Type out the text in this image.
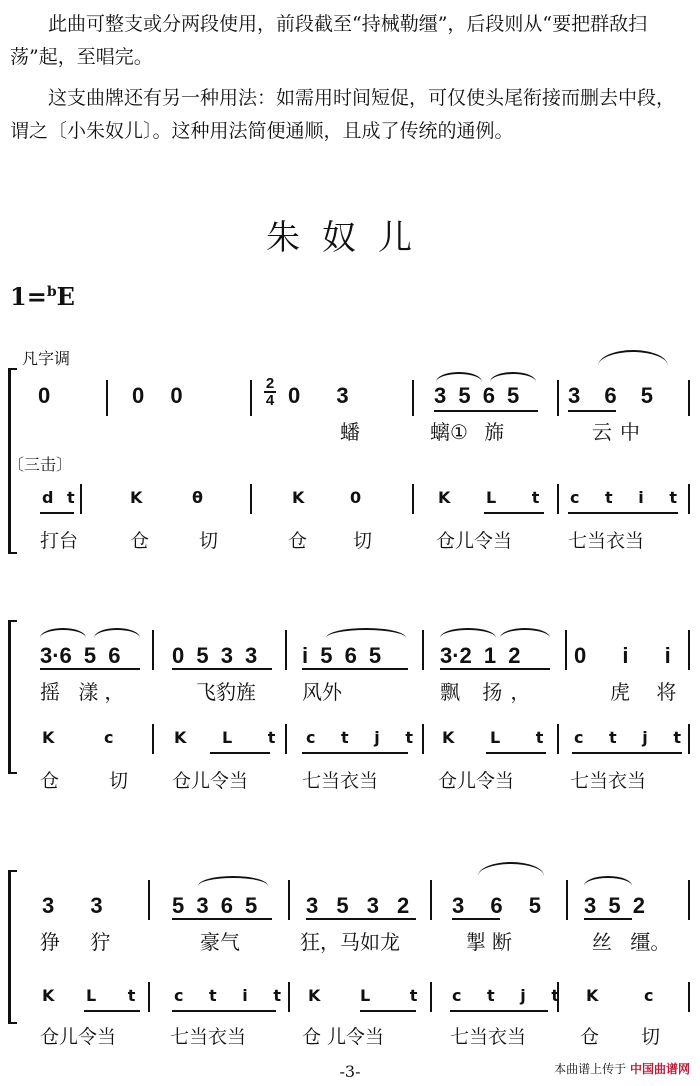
此曲可整支或分两段使用，前段截至“持械勒缰”，后段则从“要把群敌扫荡”起，至唱完。

这支曲牌还有另一种用法：如需用时间短促，可仅使头尾衔接而删去中段，谓之〔小朱奴儿〕。这种用法简便通顺，且成了传统的通例。

朱奴儿
1=$^b$E
凡字调
〔三击〕
0	0 0	2
4 0 3	3 5 6 5 3 6 5
蟠	螭① 旆	云中
d t	K θ	K 0	K L t c t i t
打台	仓 切	仓 切	仓儿令当	七当衣当
3·6 5 6 0 5 3 3 i 5 6 5	3·2 1 2 0 i i
摇 漾，	飞豹旌 风外	飘 扬，	虎 将
K c	K L t c t j t K L t c t j t
仓 切 仓儿令当	七当衣当	仓儿令当	七当衣当
3 3	5 3 6 5 3 5 3 2 3 6 5 3 5 2
狰 狞	豪气	狂，马如龙	掣断	丝 缰。
K L t c t i t K L t c t j t K c
仓儿令当	七当衣当	仓 儿令当	七当衣当	仓 切
-3-	本曲谱上传于 中国曲谱网
